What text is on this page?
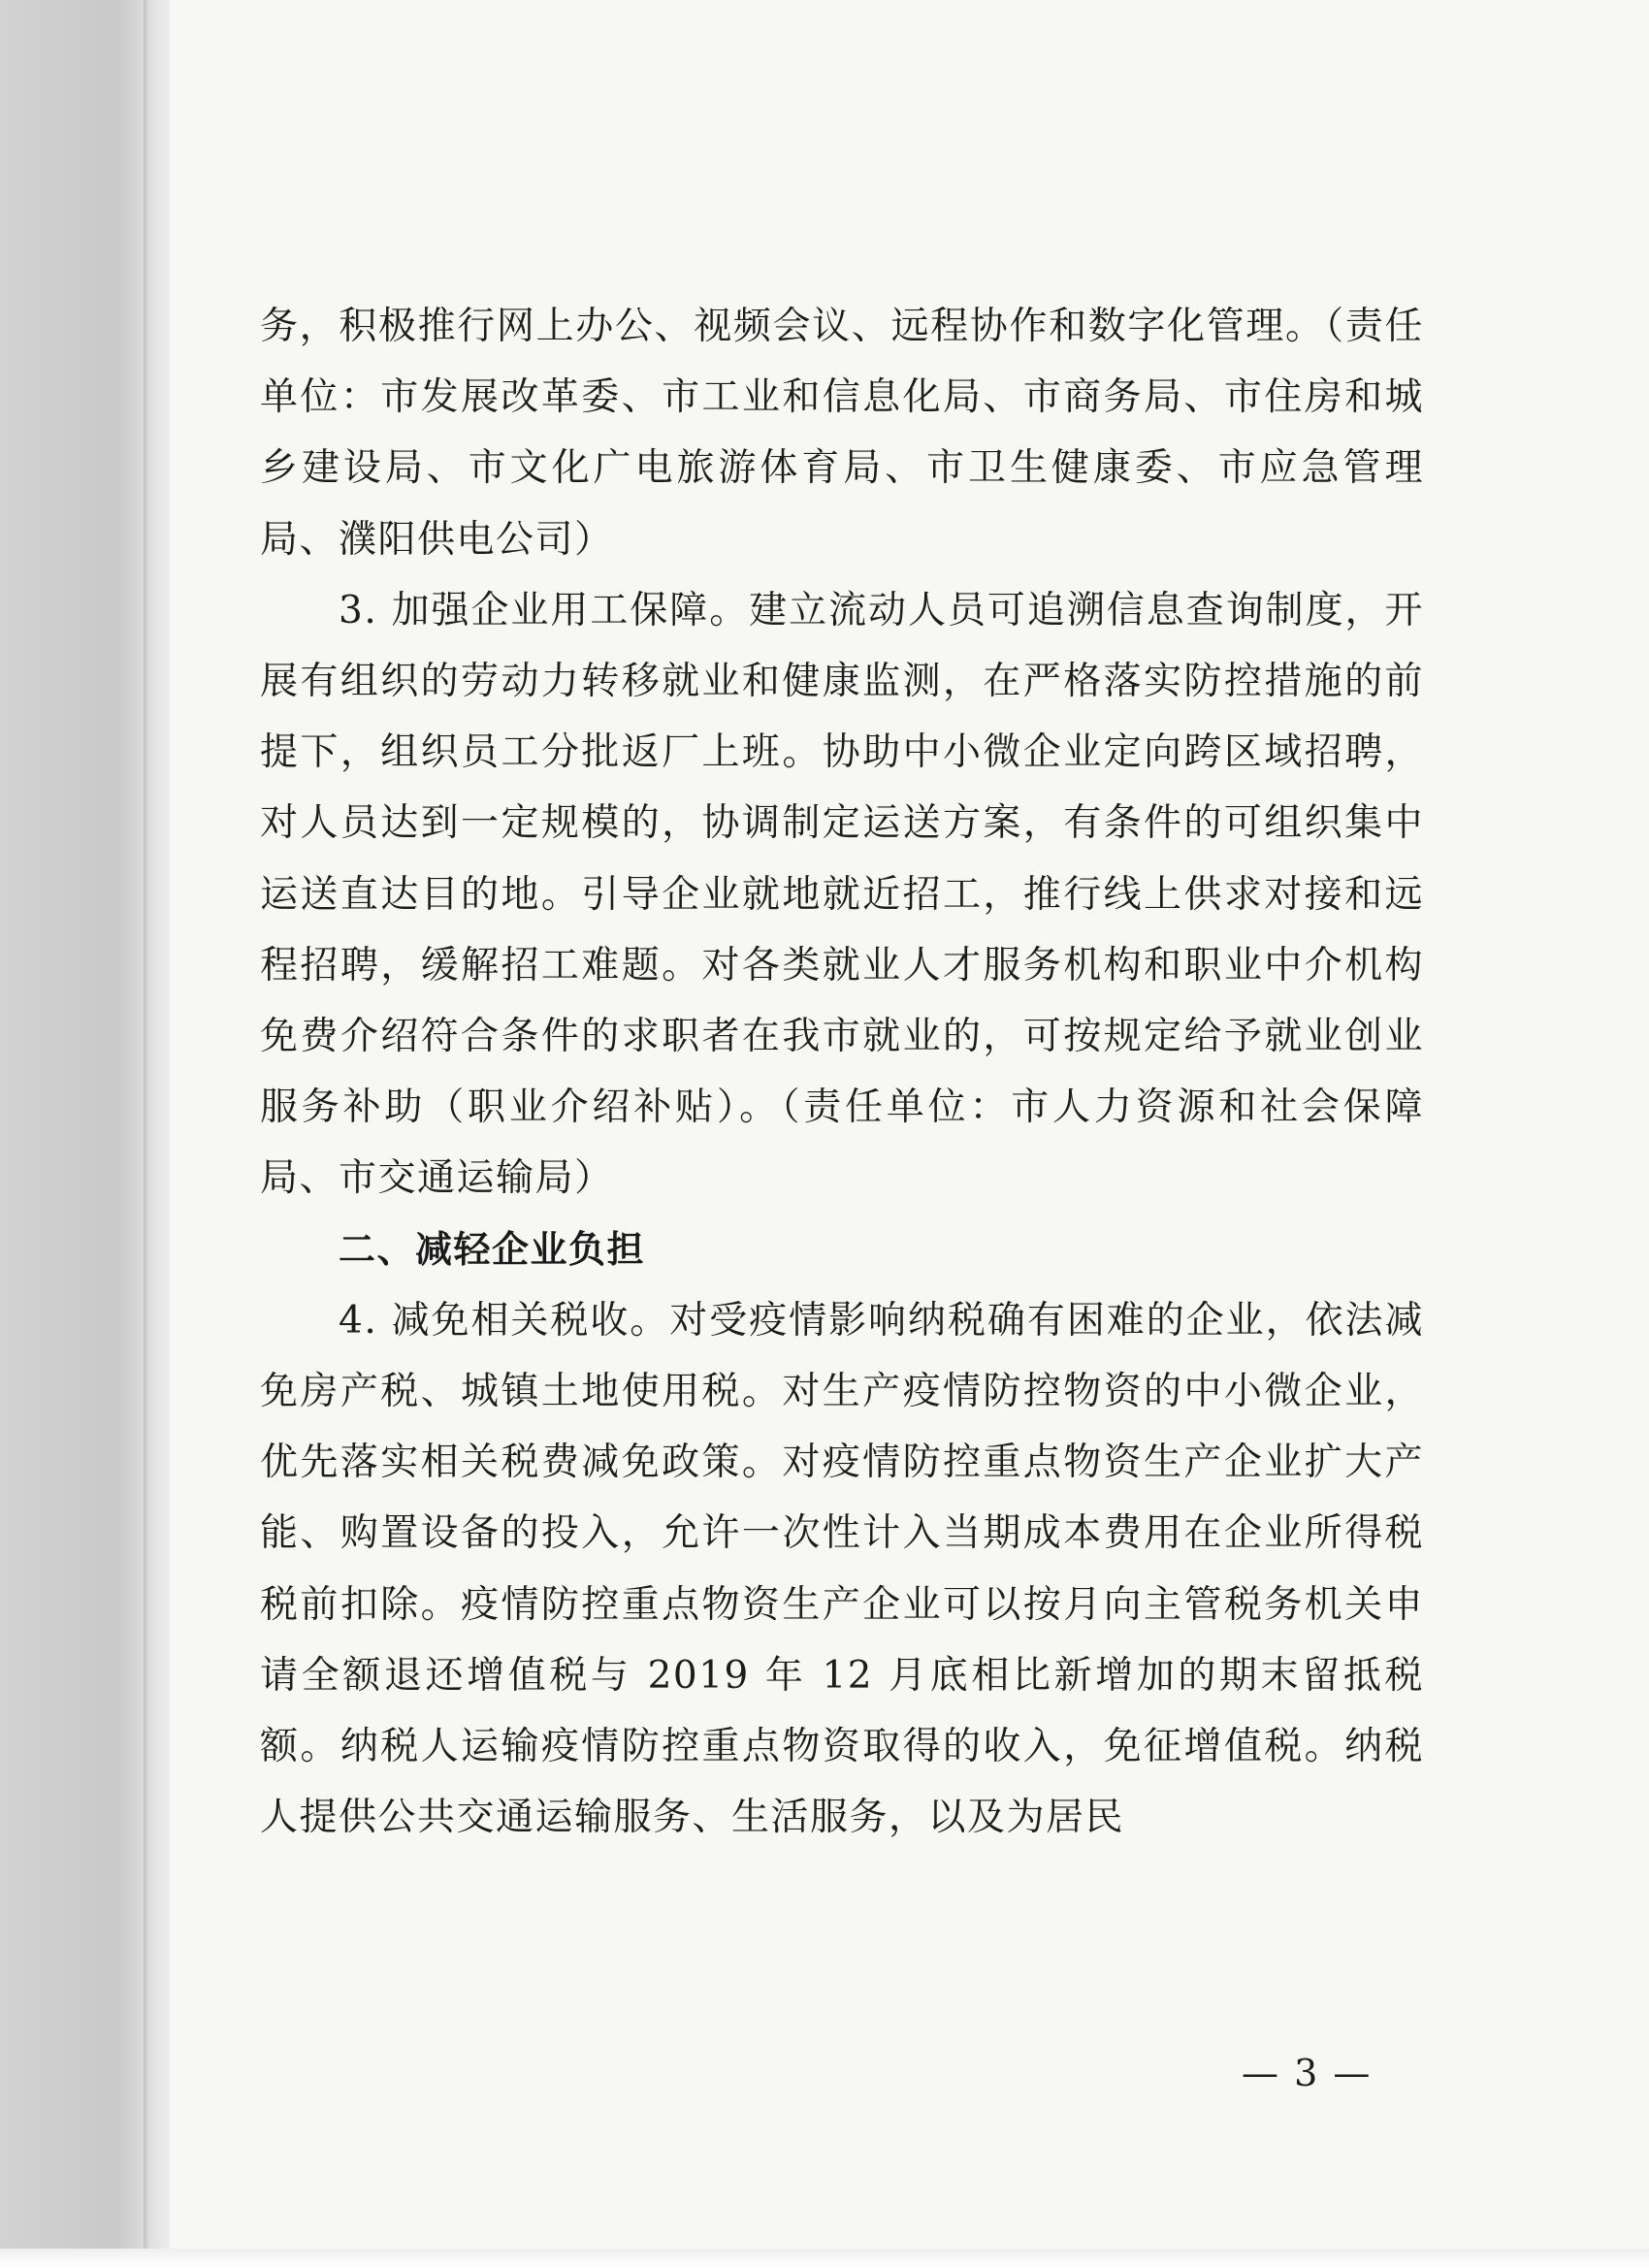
务，积极推行网上办公、视频会议、远程协作和数字化管理。（责任单位：市发展改革委、市工业和信息化局、市商务局、市住房和城乡建设局、市文化广电旅游体育局、市卫生健康委、市应急管理局、濮阳供电公司）

3. 加强企业用工保障。建立流动人员可追溯信息查询制度，开展有组织的劳动力转移就业和健康监测，在严格落实防控措施的前提下，组织员工分批返厂上班。协助中小微企业定向跨区域招聘，对人员达到一定规模的，协调制定运送方案，有条件的可组织集中运送直达目的地。引导企业就地就近招工，推行线上供求对接和远程招聘，缓解招工难题。对各类就业人才服务机构和职业中介机构免费介绍符合条件的求职者在我市就业的，可按规定给予就业创业服务补助（职业介绍补贴）。（责任单位：市人力资源和社会保障局、市交通运输局）

二、减轻企业负担

4. 减免相关税收。对受疫情影响纳税确有困难的企业，依法减免房产税、城镇土地使用税。对生产疫情防控物资的中小微企业，优先落实相关税费减免政策。对疫情防控重点物资生产企业扩大产能、购置设备的投入，允许一次性计入当期成本费用在企业所得税税前扣除。疫情防控重点物资生产企业可以按月向主管税务机关申请全额退还增值税与 2019 年 12 月底相比新增加的期末留抵税额。纳税人运输疫情防控重点物资取得的收入，免征增值税。纳税人提供公共交通运输服务、生活服务，以及为居民

— 3 —
